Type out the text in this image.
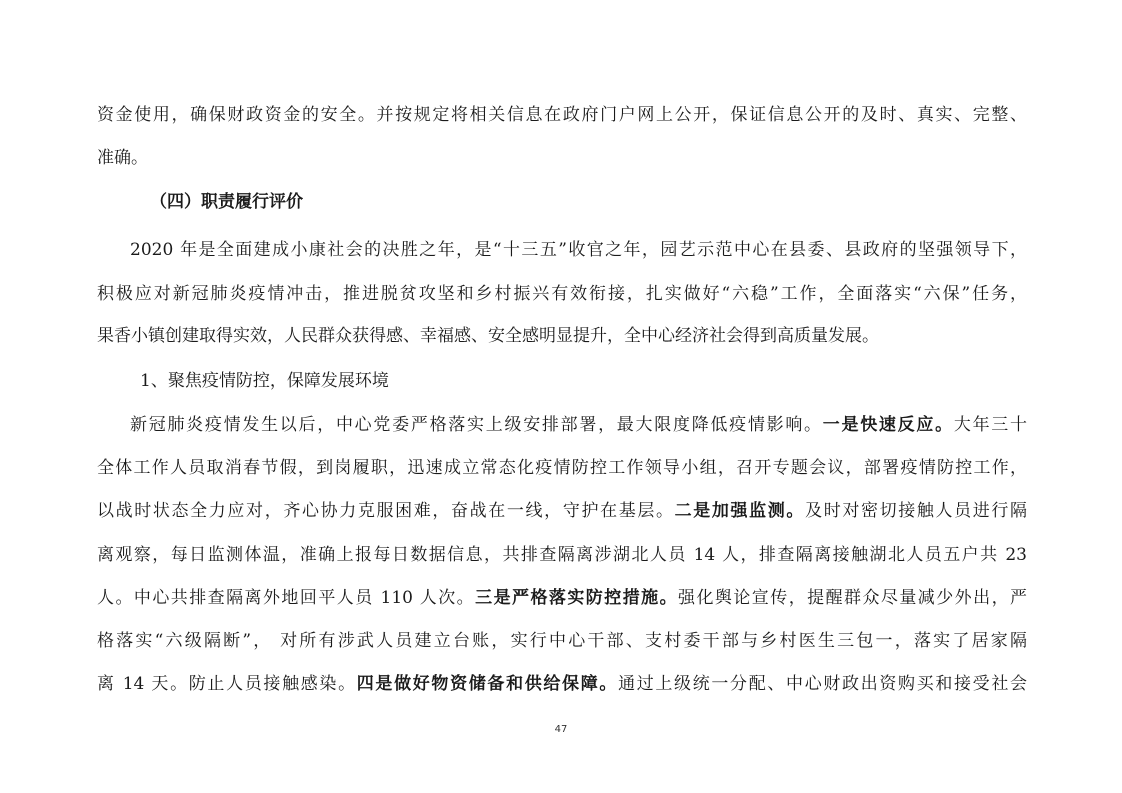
资金使用，确保财政资金的安全。并按规定将相关信息在政府门户网上公开，保证信息公开的及时、真实、完整、
准确。
（四）职责履行评价
2020 年是全面建成小康社会的决胜之年，是“十三五”收官之年，园艺示范中心在县委、县政府的坚强领导下，
积极应对新冠肺炎疫情冲击，推进脱贫攻坚和乡村振兴有效衔接，扎实做好“六稳”工作，全面落实“六保”任务，
果香小镇创建取得实效，人民群众获得感、幸福感、安全感明显提升，全中心经济社会得到高质量发展。
1、聚焦疫情防控，保障发展环境
新冠肺炎疫情发生以后，中心党委严格落实上级安排部署，最大限度降低疫情影响。一是快速反应。大年三十
全体工作人员取消春节假，到岗履职，迅速成立常态化疫情防控工作领导小组，召开专题会议，部署疫情防控工作，
以战时状态全力应对，齐心协力克服困难，奋战在一线，守护在基层。二是加强监测。及时对密切接触人员进行隔
离观察，每日监测体温，准确上报每日数据信息，共排查隔离涉湖北人员 14 人，排查隔离接触湖北人员五户共 23
人。中心共排查隔离外地回平人员 110 人次。三是严格落实防控措施。强化舆论宣传，提醒群众尽量减少外出，严
格落实“六级隔断”， 对所有涉武人员建立台账，实行中心干部、支村委干部与乡村医生三包一，落实了居家隔
离 14 天。防止人员接触感染。四是做好物资储备和供给保障。通过上级统一分配、中心财政出资购买和接受社会
47
